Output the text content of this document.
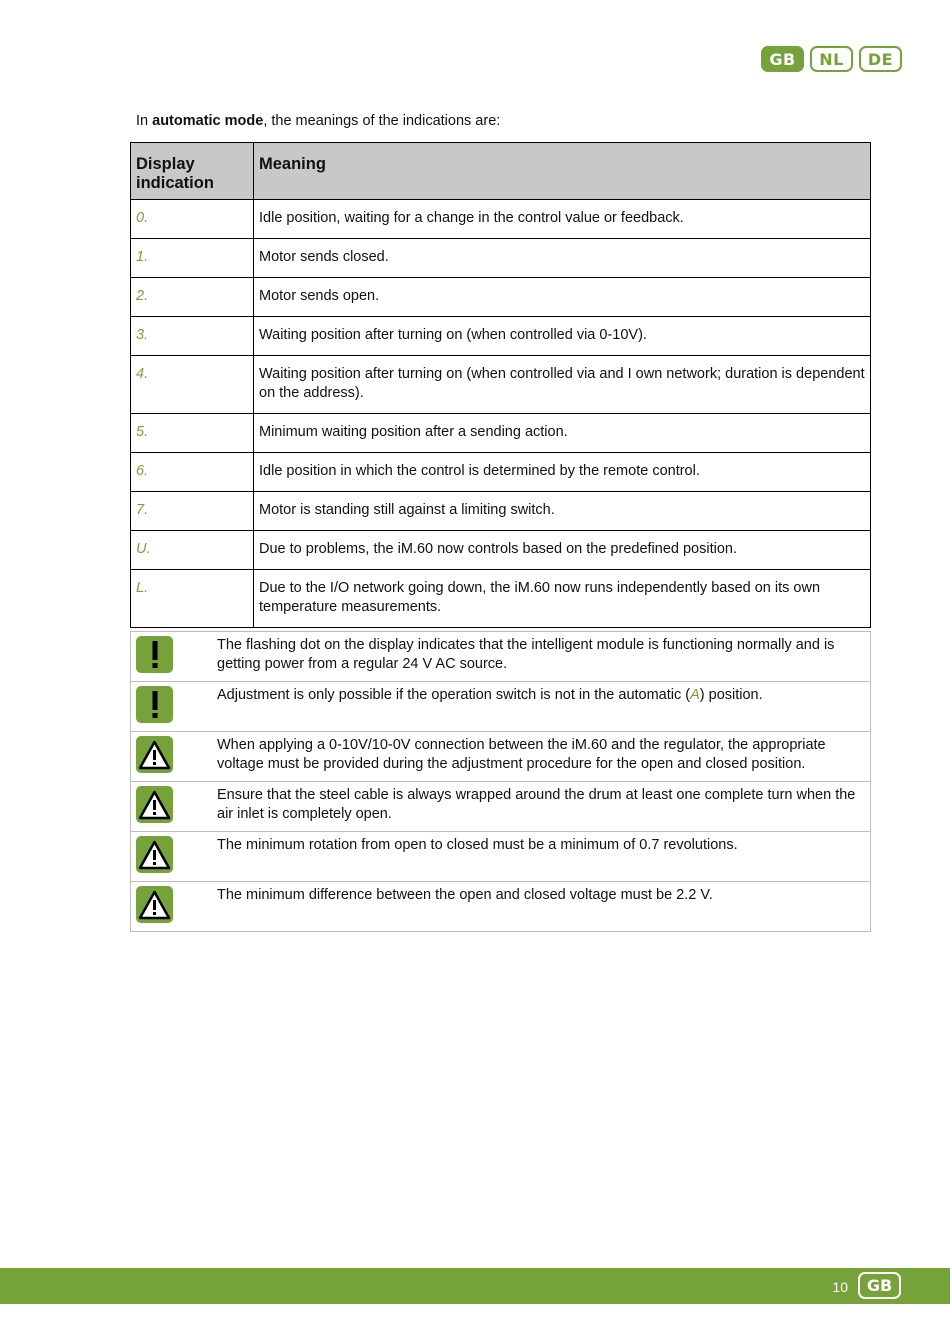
GB	NL	DE
In automatic mode, the meanings of the indications are:
Display indication	Meaning
0.	Idle position, waiting for a change in the control value or feedback.
1.	Motor sends closed.
2.	Motor sends open.
3.	Waiting position after turning on (when controlled via 0-10V).
4.	Waiting position after turning on (when controlled via and I own network; duration is dependent on the address).
5.	Minimum waiting position after a sending action.
6.	Idle position in which the control is determined by the remote control.
7.	Motor is standing still against a limiting switch.
U.	Due to problems, the iM.60 now controls based on the predefined position.
L.	Due to the I/O network going down, the iM.60 now runs independently based on its own temperature measurements.
	The flashing dot on the display indicates that the intelligent module is functioning normally and is getting power from a regular 24 V AC source.

	Adjustment is only possible if the operation switch is not in the automatic (A) position.

	When applying a 0-10V/10-0V connection between the iM.60 and the regulator, the appropriate voltage must be provided during the adjustment procedure for the open and closed position.

	Ensure that the steel cable is always wrapped around the drum at least one complete turn when the air inlet is completely open.

	The minimum rotation from open to closed must be a minimum of 0.7 revolutions.

	The minimum difference between the open and closed voltage must be 2.2 V.
10	GB
